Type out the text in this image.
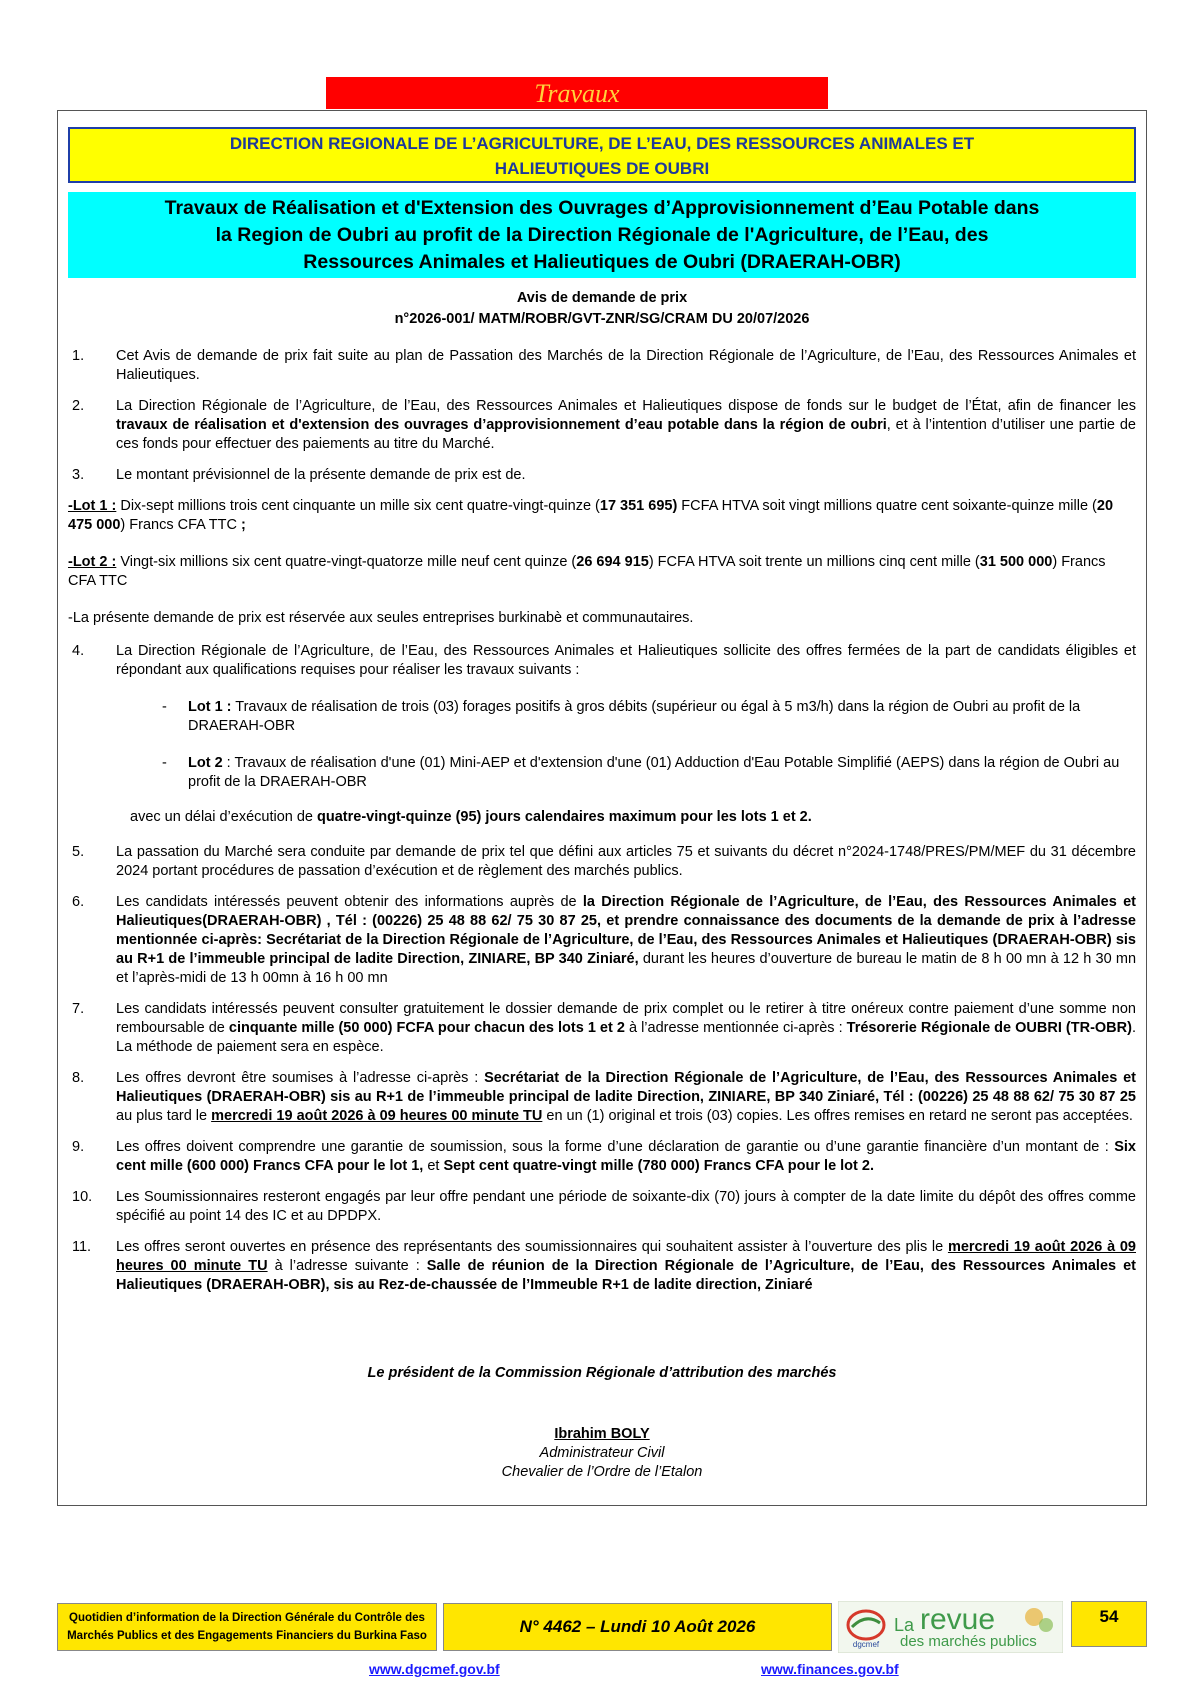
Travaux
DIRECTION REGIONALE DE L’AGRICULTURE, DE L’EAU, DES RESSOURCES ANIMALES ET
HALIEUTIQUES DE OUBRI
Travaux de Réalisation et d'Extension des Ouvrages d’Approvisionnement d’Eau Potable dans
la Region de Oubri au profit de la Direction Régionale de l'Agriculture, de l’Eau, des
Ressources Animales et Halieutiques de Oubri (DRAERAH-OBR)
Avis de demande de prix
n°2026-001/ MATM/ROBR/GVT-ZNR/SG/CRAM DU 20/07/2026
1. Cet Avis de demande de prix fait suite au plan de Passation des Marchés de la Direction Régionale de l’Agriculture, de l’Eau, des Ressources Animales et Halieutiques.
2. La Direction Régionale de l’Agriculture, de l’Eau, des Ressources Animales et Halieutiques dispose de fonds sur le budget de l’État, afin de financer les travaux de réalisation et d'extension des ouvrages d’approvisionnement d’eau potable dans la région de oubri, et à l’intention d’utiliser une partie de ces fonds pour effectuer des paiements au titre du Marché.
3. Le montant prévisionnel de la présente demande de prix est de.
-Lot 1 : Dix-sept millions trois cent cinquante un mille six cent quatre-vingt-quinze (17 351 695) FCFA HTVA soit vingt millions quatre cent soixante-quinze mille (20 475 000) Francs CFA TTC ;
-Lot 2 : Vingt-six millions six cent quatre-vingt-quatorze mille neuf cent quinze (26 694 915) FCFA HTVA soit trente un millions cinq cent mille (31 500 000) Francs CFA TTC
-La présente demande de prix est réservée aux seules entreprises burkinabè et communautaires.
4. La Direction Régionale de l’Agriculture, de l’Eau, des Ressources Animales et Halieutiques sollicite des offres fermées de la part de candidats éligibles et répondant aux qualifications requises pour réaliser les travaux suivants :
- Lot 1 : Travaux de réalisation de trois (03) forages positifs à gros débits (supérieur ou égal à 5 m3/h) dans la région de Oubri au profit de la DRAERAH-OBR
- Lot 2 : Travaux de réalisation d'une (01) Mini-AEP et d'extension d'une (01) Adduction d'Eau Potable Simplifié (AEPS) dans la région de Oubri au profit de la DRAERAH-OBR
avec un délai d’exécution de quatre-vingt-quinze (95) jours calendaires maximum pour les lots 1 et 2.
5. La passation du Marché sera conduite par demande de prix tel que défini aux articles 75 et suivants du décret n°2024-1748/PRES/PM/MEF du 31 décembre 2024 portant procédures de passation d’exécution et de règlement des marchés publics.
6. Les candidats intéressés peuvent obtenir des informations auprès de la Direction Régionale de l’Agriculture, de l’Eau, des Ressources Animales et Halieutiques(DRAERAH-OBR) , Tél : (00226) 25 48 88 62/ 75 30 87 25, et prendre connaissance des documents de la demande de prix à l’adresse mentionnée ci-après: Secrétariat de la Direction Régionale de l’Agriculture, de l’Eau, des Ressources Animales et Halieutiques (DRAERAH-OBR) sis au R+1 de l’immeuble principal de ladite Direction, ZINIARE, BP 340 Ziniaré, durant les heures d’ouverture de bureau le matin de 8 h 00 mn à 12 h 30 mn et l’après-midi de 13 h 00mn à 16 h 00 mn
7. Les candidats intéressés peuvent consulter gratuitement le dossier demande de prix complet ou le retirer à titre onéreux contre paiement d’une somme non remboursable de cinquante mille (50 000) FCFA pour chacun des lots 1 et 2 à l’adresse mentionnée ci-après : Trésorerie Régionale de OUBRI (TR-OBR). La méthode de paiement sera en espèce.
8. Les offres devront être soumises à l’adresse ci-après : Secrétariat de la Direction Régionale de l’Agriculture, de l’Eau, des Ressources Animales et Halieutiques (DRAERAH-OBR) sis au R+1 de l’immeuble principal de ladite Direction, ZINIARE, BP 340 Ziniaré, Tél : (00226) 25 48 88 62/ 75 30 87 25 au plus tard le mercredi 19 août 2026 à 09 heures 00 minute TU en un (1) original et trois (03) copies. Les offres remises en retard ne seront pas acceptées.
9. Les offres doivent comprendre une garantie de soumission, sous la forme d’une déclaration de garantie ou d’une garantie financière d’un montant de : Six cent mille (600 000) Francs CFA pour le lot 1, et Sept cent quatre-vingt mille (780 000) Francs CFA pour le lot 2.
10. Les Soumissionnaires resteront engagés par leur offre pendant une période de soixante-dix (70) jours à compter de la date limite du dépôt des offres comme spécifié au point 14 des IC et au DPDPX.
11. Les offres seront ouvertes en présence des représentants des soumissionnaires qui souhaitent assister à l’ouverture des plis le mercredi 19 août 2026 à 09 heures 00 minute TU à l’adresse suivante : Salle de réunion de la Direction Régionale de l’Agriculture, de l’Eau, des Ressources Animales et Halieutiques (DRAERAH-OBR), sis au Rez-de-chaussée de l’Immeuble R+1 de ladite direction, Ziniaré
Le président de la Commission Régionale d’attribution des marchés
Ibrahim BOLY
Administrateur Civil
Chevalier de l’Ordre de l’Etalon
Quotidien d’information de la Direction Générale du Contrôle des
Marchés Publics et des Engagements Financiers du Burkina Faso	N° 4462 – Lundi 10 Août 2026
dgcmef
La revue
des marchés publics
54
www.dgcmef.gov.bf	www.finances.gov.bf
